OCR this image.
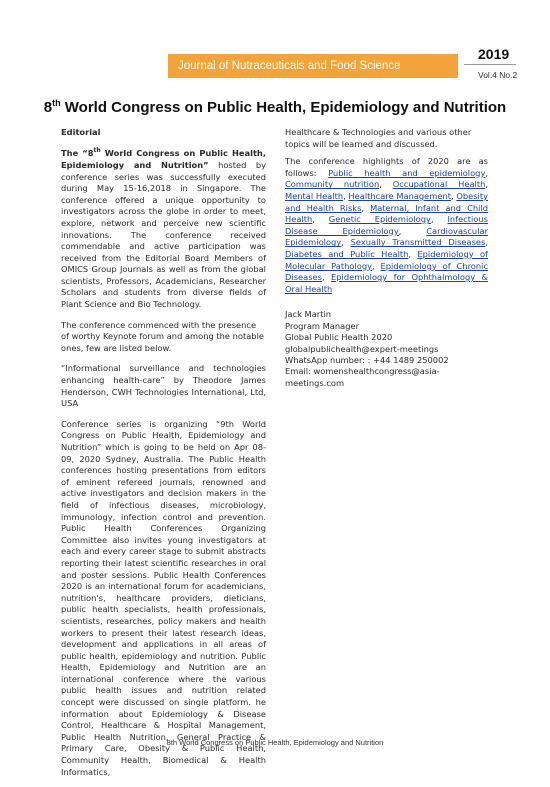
Journal of Nutraceuticals and Food Science
2019
Vol.4 No.2
8th World Congress on Public Health, Epidemiology and Nutrition

Editorial

The “8th World Congress on Public Health, Epidemiology and Nutrition” hosted by conference series was successfully executed during May 15-16,2018 in Singapore. The conference offered a unique opportunity to investigators across the globe in order to meet, explore, network and perceive new scientific innovations. The conference received commendable and active participation was received from the Editorial Board Members of OMICS Group Journals as well as from the global scientists, Professors, Academicians, Researcher Scholars and students from diverse fields of Plant Science and Bio Technology.

The conference commenced with the presence of worthy Keynote forum and among the notable ones, few are listed below.

“Informational surveillance and technologies enhancing health-care” by Theodore James Henderson, CWH Technologies International, Ltd, USA

Conference series is organizing “9th World Congress on Public Health, Epidemiology and Nutrition” which is going to be held on Apr 08-09, 2020 Sydney, Australia. The Public Health conferences hosting presentations from editors of eminent refereed journals, renowned and active investigators and decision makers in the field of infectious diseases, microbiology, immunology, infection control and prevention. Public Health Conferences Organizing Committee also invites young investigators at each and every career stage to submit abstracts reporting their latest scientific researches in oral and poster sessions. Public Health Conferences 2020 is an international forum for academicians, nutrition's, healthcare providers, dieticians, public health specialists, health professionals, scientists, researches, policy makers and health workers to present their latest research ideas, development and applications in all areas of public health, epidemiology and nutrition. Public Health, Epidemiology and Nutrition are an international conference where the various public health issues and nutrition related concept were discussed on single platform. he information about Epidemiology & Disease Control, Healthcare & Hospital Management, Public Health Nutrition, General Practice & Primary Care, Obesity & Public Health, Community Health, Biomedical & Health Informatics,

Healthcare & Technologies and various other topics will be learned and discussed.

The conference highlights of 2020 are as follows: Public health and epidemiology, Community nutrition, Occupational Health, Mental Health, Healthcare Management, Obesity and Health Risks, Maternal, Infant and Child Health, Genetic Epidemiology, Infectious Disease Epidemiology, Cardiovascular Epidemiology, Sexually Transmitted Diseases, Diabetes and Public Health, Epidemiology of Molecular Pathology, Epidemiology of Chronic Diseases, Epidemiology for Ophthalmology & Oral Health

Jack Martin
Program Manager
Global Public Health 2020
globalpublichealth@expert-meetings
WhatsApp number: : +44 1489 250002
Email: womenshealthcongress@asia-meetings.com
8th World Congress on Public Health, Epidemiology and Nutrition
